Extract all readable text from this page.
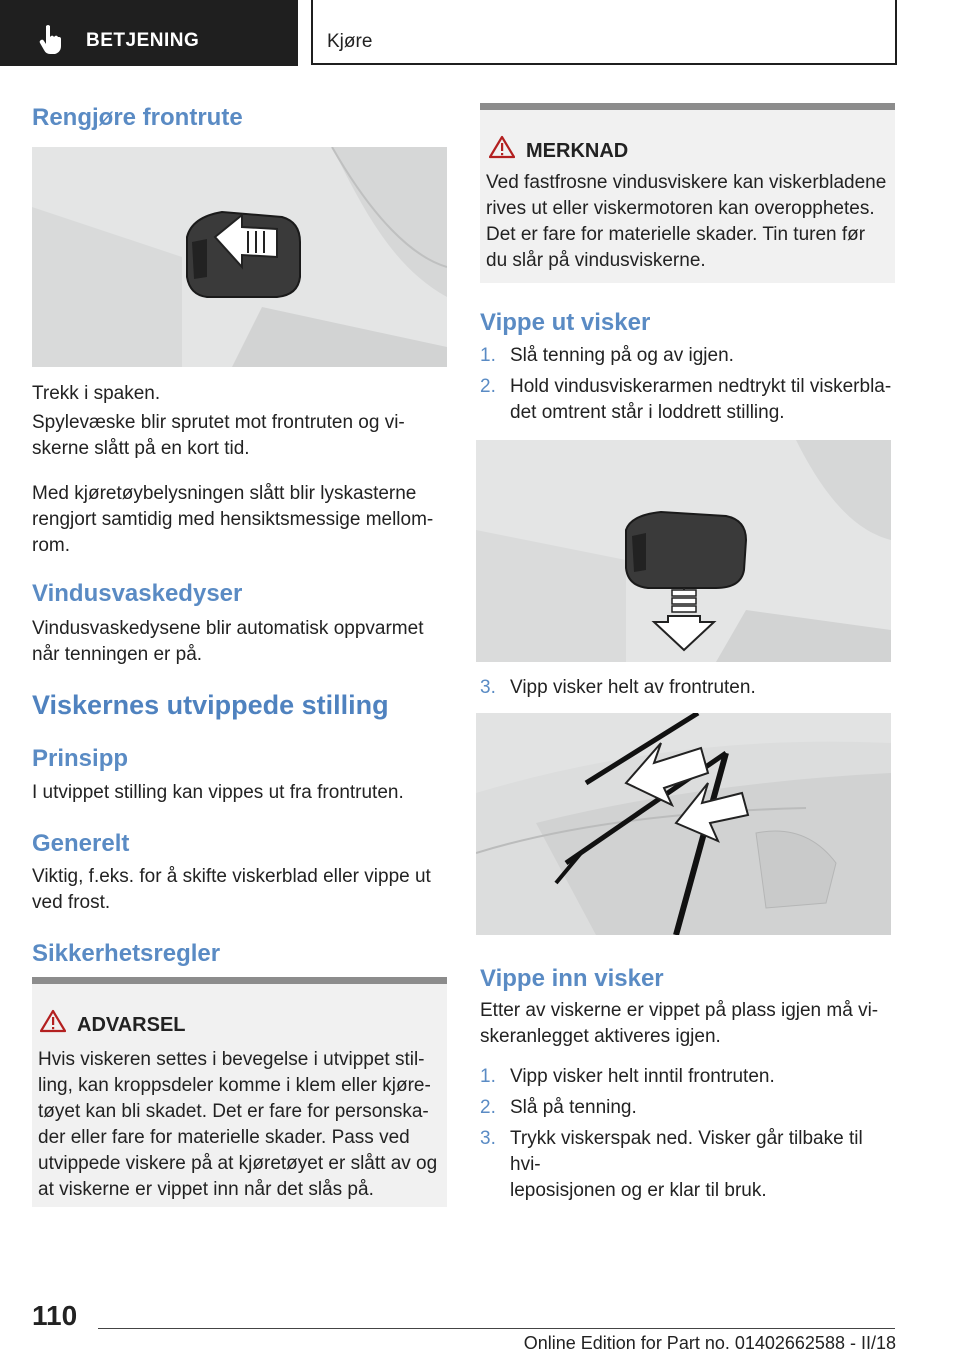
BETJENING	Kjøre

Rengjøre frontrute

Trekk i spaken.

Spylevæske blir sprutet mot frontruten og vi-
skerne slått på en kort tid.

Med kjøretøybelysningen slått blir lyskasterne
rengjort samtidig med hensiktsmessige mellom-
rom.

Vindusvaskedyser

Vindusvaskedysene blir automatisk oppvarmet
når tenningen er på.

Viskernes utvippede stilling

Prinsipp

I utvippet stilling kan vippes ut fra frontruten.

Generelt

Viktig, f.eks. for å skifte viskerblad eller vippe ut
ved frost.

Sikkerhetsregler

ADVARSEL
Hvis viskeren settes i bevegelse i utvippet stil-
ling, kan kroppsdeler komme i klem eller kjøre-
tøyet kan bli skadet. Det er fare for personska-
der eller fare for materielle skader. Pass ved
utvippede viskere på at kjøretøyet er slått av og
at viskerne er vippet inn når det slås på.
MERKNAD
Ved fastfrosne vindusviskere kan viskerbladene
rives ut eller viskermotoren kan overopphetes.
Det er fare for materielle skader. Tin turen før
du slår på vindusviskerne.

Vippe ut visker

1. Slå tenning på og av igjen.
2. Hold vindusviskerarmen nedtrykt til viskerbla-
det omtrent står i loddrett stilling.
3. Vipp visker helt av frontruten.

Vippe inn visker

Etter av viskerne er vippet på plass igjen må vi-
skeranlegget aktiveres igjen.

1. Vipp visker helt inntil frontruten.
2. Slå på tenning.
3. Trykk viskerspak ned. Visker går tilbake til hvi-
leposisjonen og er klar til bruk.
110
Online Edition for Part no. 01402662588 - II/18
